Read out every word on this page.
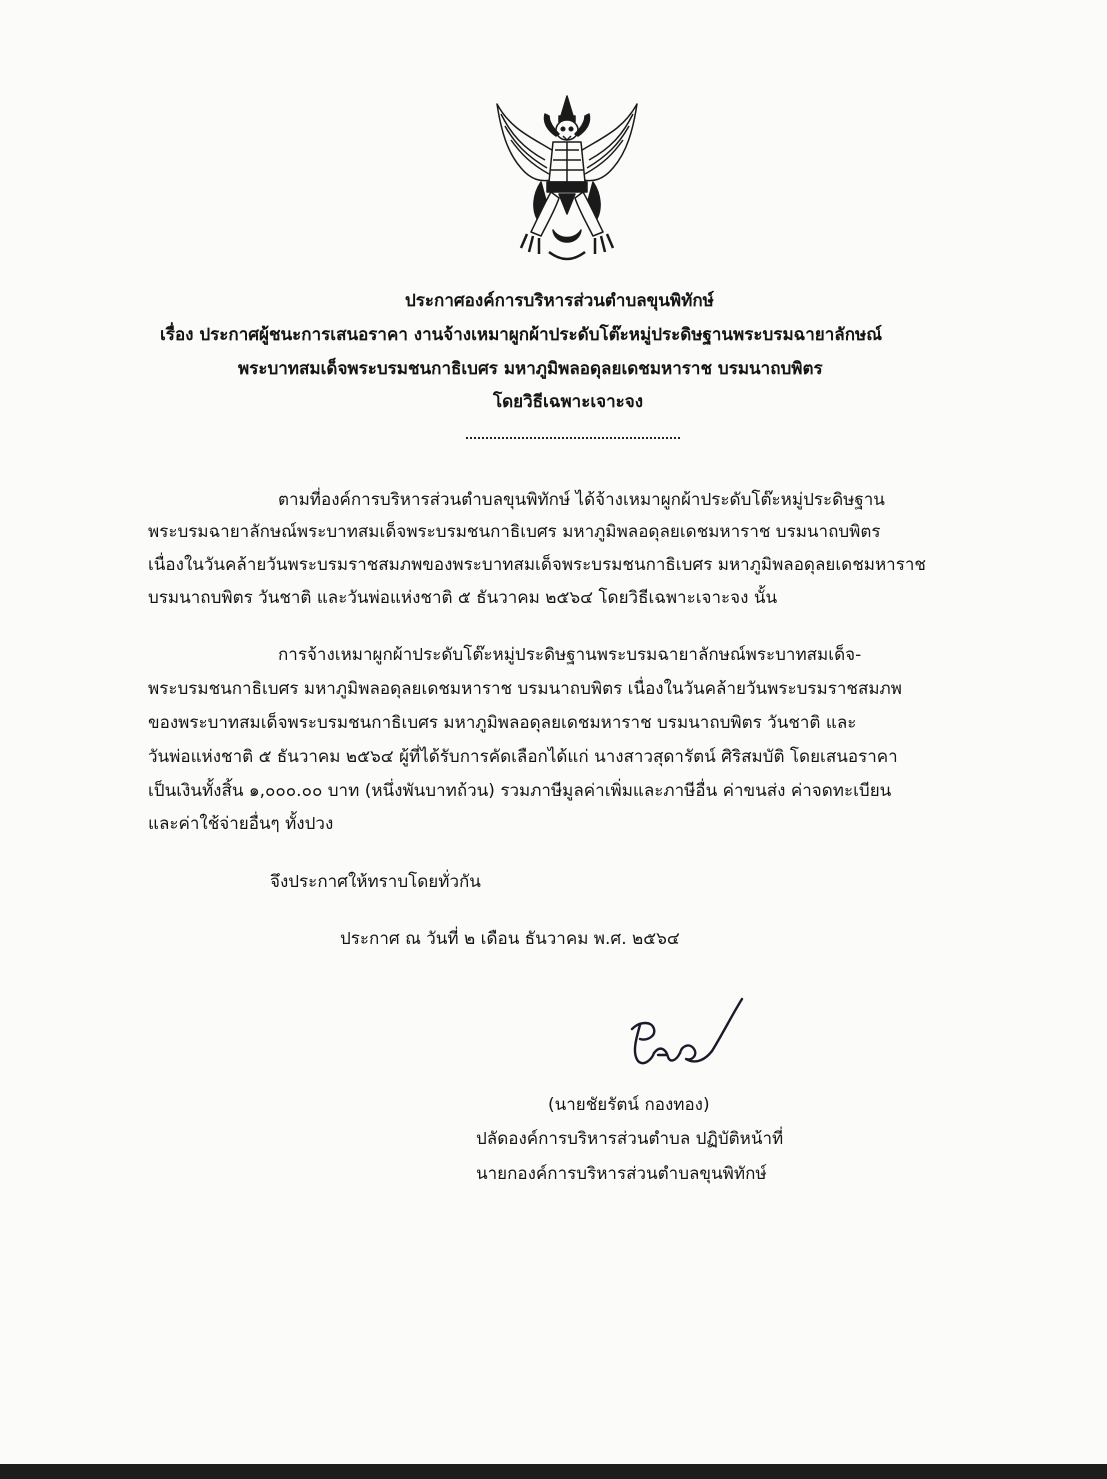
ประกาศองค์การบริหารส่วนตำบลขุนพิทักษ์
เรื่อง ประกาศผู้ชนะการเสนอราคา งานจ้างเหมาผูกผ้าประดับโต๊ะหมู่ประดิษฐานพระบรมฉายาลักษณ์
พระบาทสมเด็จพระบรมชนกาธิเบศร มหาภูมิพลอดุลยเดชมหาราช บรมนาถบพิตร
โดยวิธีเฉพาะเจาะจง
ตามที่องค์การบริหารส่วนตำบลขุนพิทักษ์ ได้จ้างเหมาผูกผ้าประดับโต๊ะหมู่ประดิษฐาน
พระบรมฉายาลักษณ์พระบาทสมเด็จพระบรมชนกาธิเบศร มหาภูมิพลอดุลยเดชมหาราช บรมนาถบพิตร
เนื่องในวันคล้ายวันพระบรมราชสมภพของพระบาทสมเด็จพระบรมชนกาธิเบศร มหาภูมิพลอดุลยเดชมหาราช
บรมนาถบพิตร วันชาติ และวันพ่อแห่งชาติ ๕ ธันวาคม ๒๕๖๔ โดยวิธีเฉพาะเจาะจง นั้น
การจ้างเหมาผูกผ้าประดับโต๊ะหมู่ประดิษฐานพระบรมฉายาลักษณ์พระบาทสมเด็จ-
พระบรมชนกาธิเบศร มหาภูมิพลอดุลยเดชมหาราช บรมนาถบพิตร เนื่องในวันคล้ายวันพระบรมราชสมภพ
ของพระบาทสมเด็จพระบรมชนกาธิเบศร มหาภูมิพลอดุลยเดชมหาราช บรมนาถบพิตร วันชาติ และ
วันพ่อแห่งชาติ ๕ ธันวาคม ๒๕๖๔ ผู้ที่ได้รับการคัดเลือกได้แก่ นางสาวสุดารัตน์ ศิริสมบัติ โดยเสนอราคา
เป็นเงินทั้งสิ้น ๑,๐๐๐.๐๐ บาท (หนึ่งพันบาทถ้วน) รวมภาษีมูลค่าเพิ่มและภาษีอื่น ค่าขนส่ง ค่าจดทะเบียน
และค่าใช้จ่ายอื่นๆ ทั้งปวง
จึงประกาศให้ทราบโดยทั่วกัน
ประกาศ ณ วันที่ ๒ เดือน ธันวาคม พ.ศ. ๒๕๖๔
(นายชัยรัตน์ กองทอง)
ปลัดองค์การบริหารส่วนตำบล ปฏิบัติหน้าที่
นายกองค์การบริหารส่วนตำบลขุนพิทักษ์
